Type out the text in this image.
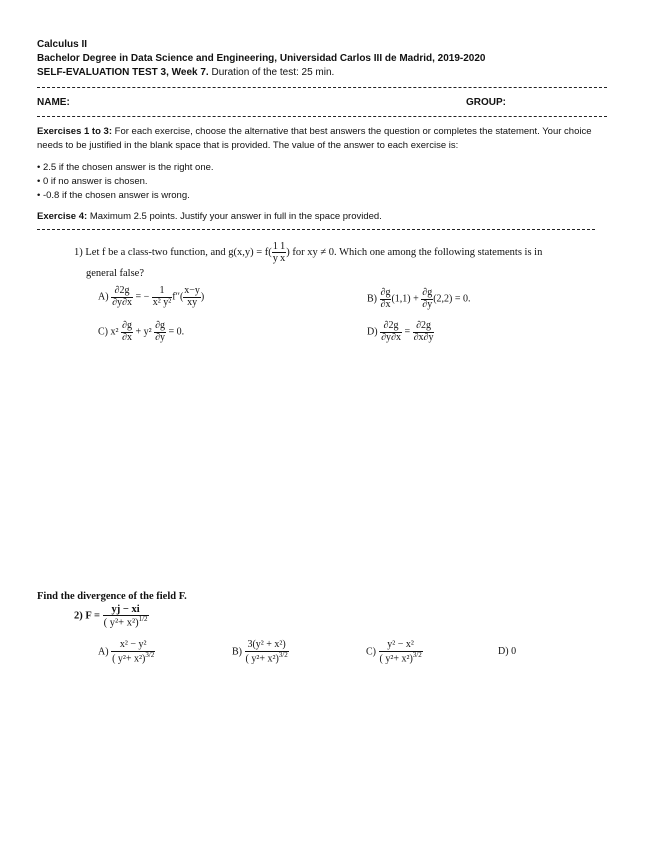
Calculus II
Bachelor Degree in Data Science and Engineering, Universidad Carlos III de Madrid, 2019-2020
SELF-EVALUATION TEST 3, Week 7. Duration of the test: 25 min.
NAME:	GROUP:
Exercises 1 to 3: For each exercise, choose the alternative that best answers the question or completes the statement. Your choice
needs to be justified in the blank space that is provided. The value of the answer to each exercise is:
• 2.5 if the chosen answer is the right one.
• 0 if no answer is chosen.
• -0.8 if the chosen answer is wrong.
Exercise 4: Maximum 2.5 points. Justify your answer in full in the space provided.
1) Let f be a class-two function, and $g(x,y) = f( \frac{1}{y} \frac{1}{x}$ ) for xy ≠ 0. Which one among the following statements is in
general false?
$A) \frac{\partial 2g}{\partial y\partial x}$ = − $\frac{1}{\text{x² y²}} f''( \frac{x-y}{xy}$ )	$B) \frac{\partial g}{\partial x} (1,1) + \frac{\partial g}{\partial y} (2,2) = 0$.
C) $x^2 \frac{\partial g}{\partial x} + y^2 \frac{\partial g}{\partial y} = 0$.	$D) \frac{\partial 2g}{\partial y\partial x} = \frac{\partial 2g}{\partial x\partial y}$
Find the divergence of the field F.
2) $F = \frac{yj - xi}{( y^2+ x^2)^{1/2}}$
$A) \frac{\text{x² − y²}}{( y^2+ x^2)^{3/2}}$	$B) \frac{\text{3(y² + x²)}}{( y^2+ x^2)^{3/2}}$	$C) \frac{\text{y² − x²}}{( y^2+ x^2)^{3/2}}$	D) 0
